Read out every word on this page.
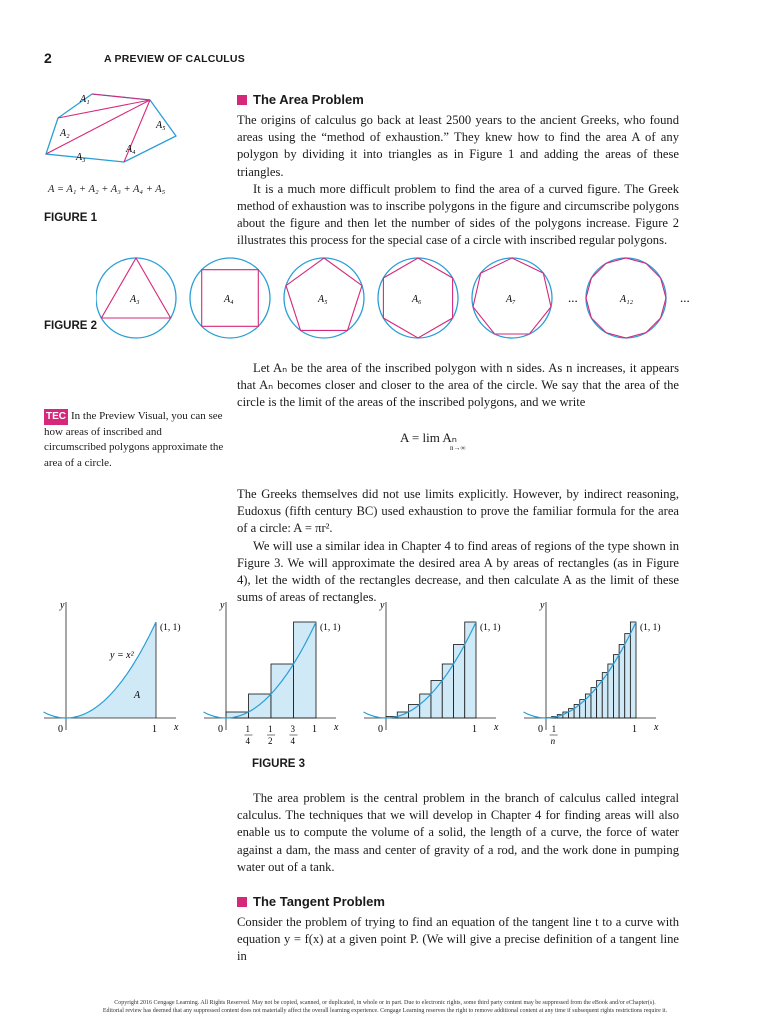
2	A PREVIEW OF CALCULUS
A₁
A₂
A₃
A₄
A₅
A = A₁ + A₂ + A₃ + A₄ + A₅
FIGURE 1
The Area Problem

The origins of calculus go back at least 2500 years to the ancient Greeks, who found areas using the “method of exhaustion.” They knew how to find the area A of any polygon by dividing it into triangles as in Figure 1 and adding the areas of these triangles.

It is a much more difficult problem to find the area of a curved figure. The Greek method of exhaustion was to inscribe polygons in the figure and circumscribe polygons about the figure and then let the number of sides of the polygons increase. Figure 2 illustrates this process for the special case of a circle with inscribed regular polygons.

A₃	A₄	A₅	A₆	A₇	A₁₂
...	...
FIGURE 2

Let Aₙ be the area of the inscribed polygon with n sides. As n increases, it appears that Aₙ becomes closer and closer to the area of the circle. We say that the area of the circle is the limit of the areas of the inscribed polygons, and we write

A = lim Aₙ
n→∞

The Greeks themselves did not use limits explicitly. However, by indirect reasoning, Eudoxus (fifth century BC) used exhaustion to prove the familiar formula for the area of a circle: A = πr².

We will use a similar idea in Chapter 4 to find areas of regions of the type shown in Figure 3. We will approximate the desired area A by areas of rectangles (as in Figure 4), let the width of the rectangles decrease, and then calculate A as the limit of these sums of areas of rectangles.

TEC In the Preview Visual, you can see how areas of inscribed and circumscribed polygons approximate the area of a circle.
y
x
0	1
(1, 1)
y = x²
A
y
x
0	1
(1, 1)
1
4
1
2
3
4
y
x
0	1
(1, 1)
y
x
0	1
(1, 1)
1
n
FIGURE 3

The area problem is the central problem in the branch of calculus called integral calculus. The techniques that we will develop in Chapter 4 for finding areas will also enable us to compute the volume of a solid, the length of a curve, the force of water against a dam, the mass and center of gravity of a rod, and the work done in pumping water out of a tank.

The Tangent Problem

Consider the problem of trying to find an equation of the tangent line t to a curve with equation y = f(x) at a given point P. (We will give a precise definition of a tangent line in

Copyright 2016 Cengage Learning. All Rights Reserved. May not be copied, scanned, or duplicated, in whole or in part. Due to electronic rights, some third party content may be suppressed from the eBook and/or eChapter(s).
Editorial review has deemed that any suppressed content does not materially affect the overall learning experience. Cengage Learning reserves the right to remove additional content at any time if subsequent rights restrictions require it.
